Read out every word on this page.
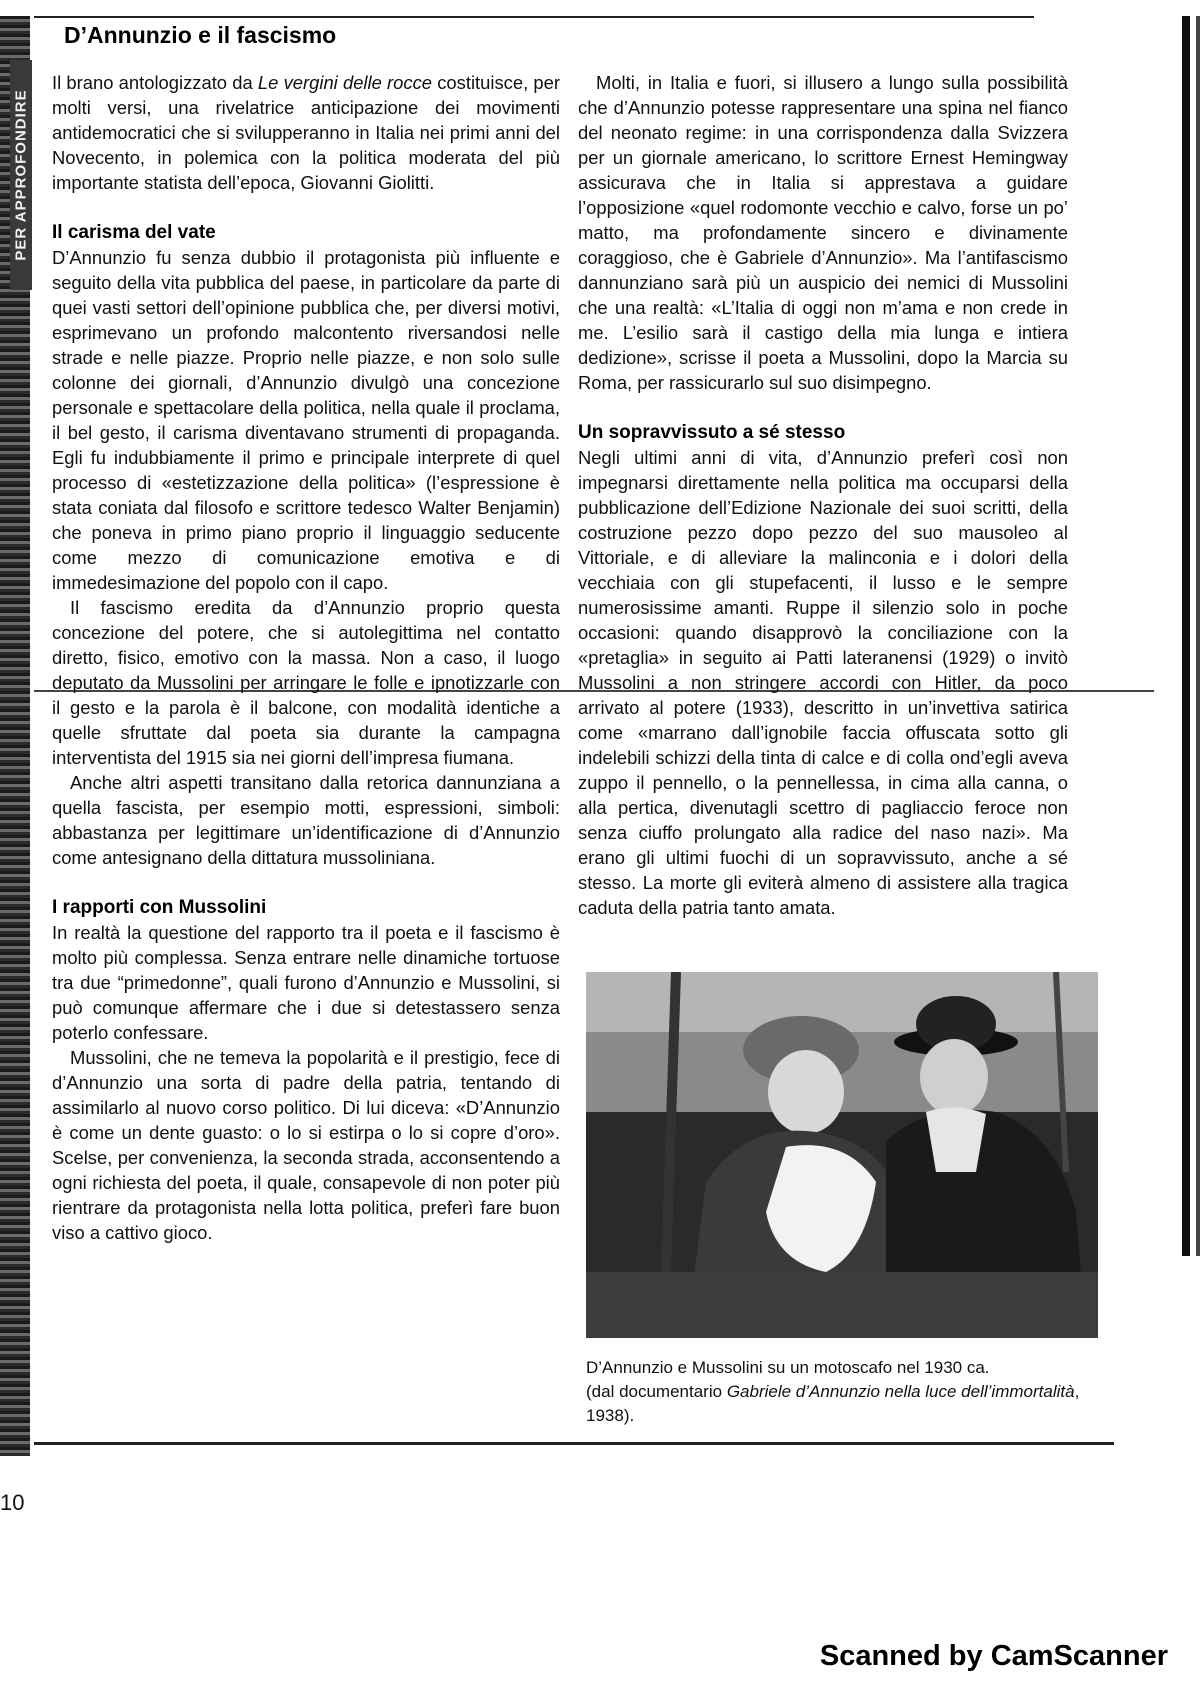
PER APPROFONDIRE
D’Annunzio e il fascismo

Il brano antologizzato da Le vergini delle rocce costituisce, per molti versi, una rivelatrice anticipazione dei movimenti antidemocratici che si svilupperanno in Italia nei primi anni del Novecento, in polemica con la politica moderata del più importante statista dell’epoca, Giovanni Giolitti.

Il carisma del vate

D’Annunzio fu senza dubbio il protagonista più influente e seguito della vita pubblica del paese, in particolare da parte di quei vasti settori dell’opinione pubblica che, per diversi motivi, esprimevano un profondo malcontento riversandosi nelle strade e nelle piazze. Proprio nelle piazze, e non solo sulle colonne dei giornali, d’Annunzio divulgò una concezione personale e spettacolare della politica, nella quale il proclama, il bel gesto, il carisma diventavano strumenti di propaganda. Egli fu indubbiamente il primo e principale interprete di quel processo di «estetizzazione della politica» (l’espressione è stata coniata dal filosofo e scrittore tedesco Walter Benjamin) che poneva in primo piano proprio il linguaggio seducente come mezzo di comunicazione emotiva e di immedesimazione del popolo con il capo.

Il fascismo eredita da d’Annunzio proprio questa concezione del potere, che si autolegittima nel contatto diretto, fisico, emotivo con la massa. Non a caso, il luogo deputato da Mussolini per arringare le folle e ipnotizzarle con il gesto e la parola è il balcone, con modalità identiche a quelle sfruttate dal poeta sia durante la campagna interventista del 1915 sia nei giorni dell’impresa fiumana.

Anche altri aspetti transitano dalla retorica dannunziana a quella fascista, per esempio motti, espressioni, simboli: abbastanza per legittimare un’identificazione di d’Annunzio come antesignano della dittatura mussoliniana.

I rapporti con Mussolini

In realtà la questione del rapporto tra il poeta e il fascismo è molto più complessa. Senza entrare nelle dinamiche tortuose tra due “primedonne”, quali furono d’Annunzio e Mussolini, si può comunque affermare che i due si detestassero senza poterlo confessare.

Mussolini, che ne temeva la popolarità e il prestigio, fece di d’Annunzio una sorta di padre della patria, tentando di assimilarlo al nuovo corso politico. Di lui diceva: «D’Annunzio è come un dente guasto: o lo si estirpa o lo si copre d’oro». Scelse, per convenienza, la seconda strada, acconsentendo a ogni richiesta del poeta, il quale, consapevole di non poter più rientrare da protagonista nella lotta politica, preferì fare buon viso a cattivo gioco.

Molti, in Italia e fuori, si illusero a lungo sulla possibilità che d’Annunzio potesse rappresentare una spina nel fianco del neonato regime: in una corrispondenza dalla Svizzera per un giornale americano, lo scrittore Ernest Hemingway assicurava che in Italia si apprestava a guidare l’opposizione «quel rodomonte vecchio e calvo, forse un po’ matto, ma profondamente sincero e divinamente coraggioso, che è Gabriele d’Annunzio». Ma l’antifascismo dannunziano sarà più un auspicio dei nemici di Mussolini che una realtà: «L’Italia di oggi non m’ama e non crede in me. L’esilio sarà il castigo della mia lunga e intiera dedizione», scrisse il poeta a Mussolini, dopo la Marcia su Roma, per rassicurarlo sul suo disimpegno.

Un sopravvissuto a sé stesso

Negli ultimi anni di vita, d’Annunzio preferì così non impegnarsi direttamente nella politica ma occuparsi della pubblicazione dell’Edizione Nazionale dei suoi scritti, della costruzione pezzo dopo pezzo del suo mausoleo al Vittoriale, e di alleviare la malinconia e i dolori della vecchiaia con gli stupefacenti, il lusso e le sempre numerosissime amanti. Ruppe il silenzio solo in poche occasioni: quando disapprovò la conciliazione con la «pretaglia» in seguito ai Patti lateranensi (1929) o invitò Mussolini a non stringere accordi con Hitler, da poco arrivato al potere (1933), descritto in un’invettiva satirica come «marrano dall’ignobile faccia offuscata sotto gli indelebili schizzi della tinta di calce e di colla ond’egli aveva zuppo il pennello, o la pennellessa, in cima alla canna, o alla pertica, divenutagli scettro di pagliaccio feroce non senza ciuffo prolungato alla radice del naso nazi». Ma erano gli ultimi fuochi di un sopravvissuto, anche a sé stesso. La morte gli eviterà almeno di assistere alla tragica caduta della patria tanto amata.

D’Annunzio e Mussolini su un motoscafo nel 1930 ca.
(dal documentario Gabriele d’Annunzio nella luce dell’immortalità, 1938).
10

Scanned by CamScanner
